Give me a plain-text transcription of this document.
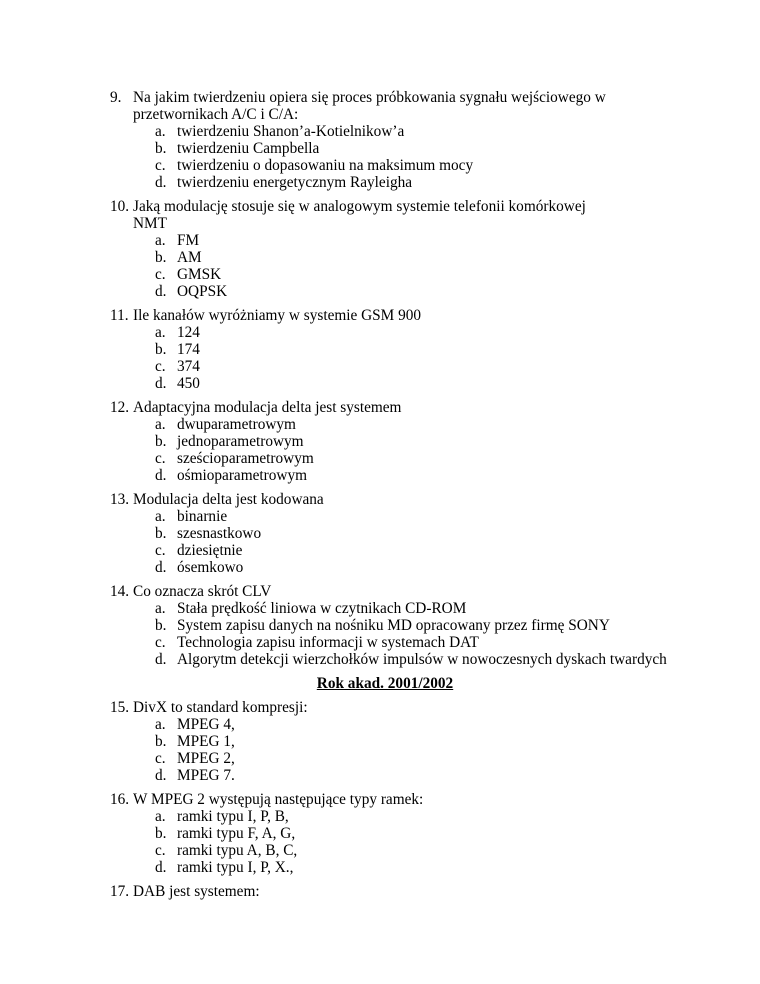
9. Na jakim twierdzeniu opiera się proces próbkowania sygnału wejściowego w przetwornikach A/C i C/A:
a. twierdzeniu Shanon’a-Kotielnikow’a
b. twierdzeniu Campbella
c. twierdzeniu o dopasowaniu na maksimum mocy
d. twierdzeniu energetycznym Rayleigha
10. Jaką modulację stosuje się w analogowym systemie telefonii komórkowej NMT
a. FM
b. AM
c. GMSK
d. OQPSK
11. Ile kanałów wyróżniamy w systemie GSM 900
a. 124
b. 174
c. 374
d. 450
12. Adaptacyjna modulacja delta jest systemem
a. dwuparametrowym
b. jednoparametrowym
c. sześcioparametrowym
d. ośmioparametrowym
13. Modulacja delta jest kodowana
a. binarnie
b. szesnastkowo
c. dziesiętnie
d. ósemkowo
14. Co oznacza skrót CLV
a. Stała prędkość liniowa w czytnikach CD-ROM
b. System zapisu danych na nośniku MD opracowany przez firmę SONY
c. Technologia zapisu informacji w systemach DAT
d. Algorytm detekcji wierzchołków impulsów w nowoczesnych dyskach twardych
Rok akad. 2001/2002
15. DivX to standard kompresji:
a. MPEG 4,
b. MPEG 1,
c. MPEG 2,
d. MPEG 7.
16. W MPEG 2 występują następujące typy ramek:
a. ramki typu I, P, B,
b. ramki typu F, A, G,
c. ramki typu A, B, C,
d. ramki typu I, P, X.,
17. DAB jest systemem:
